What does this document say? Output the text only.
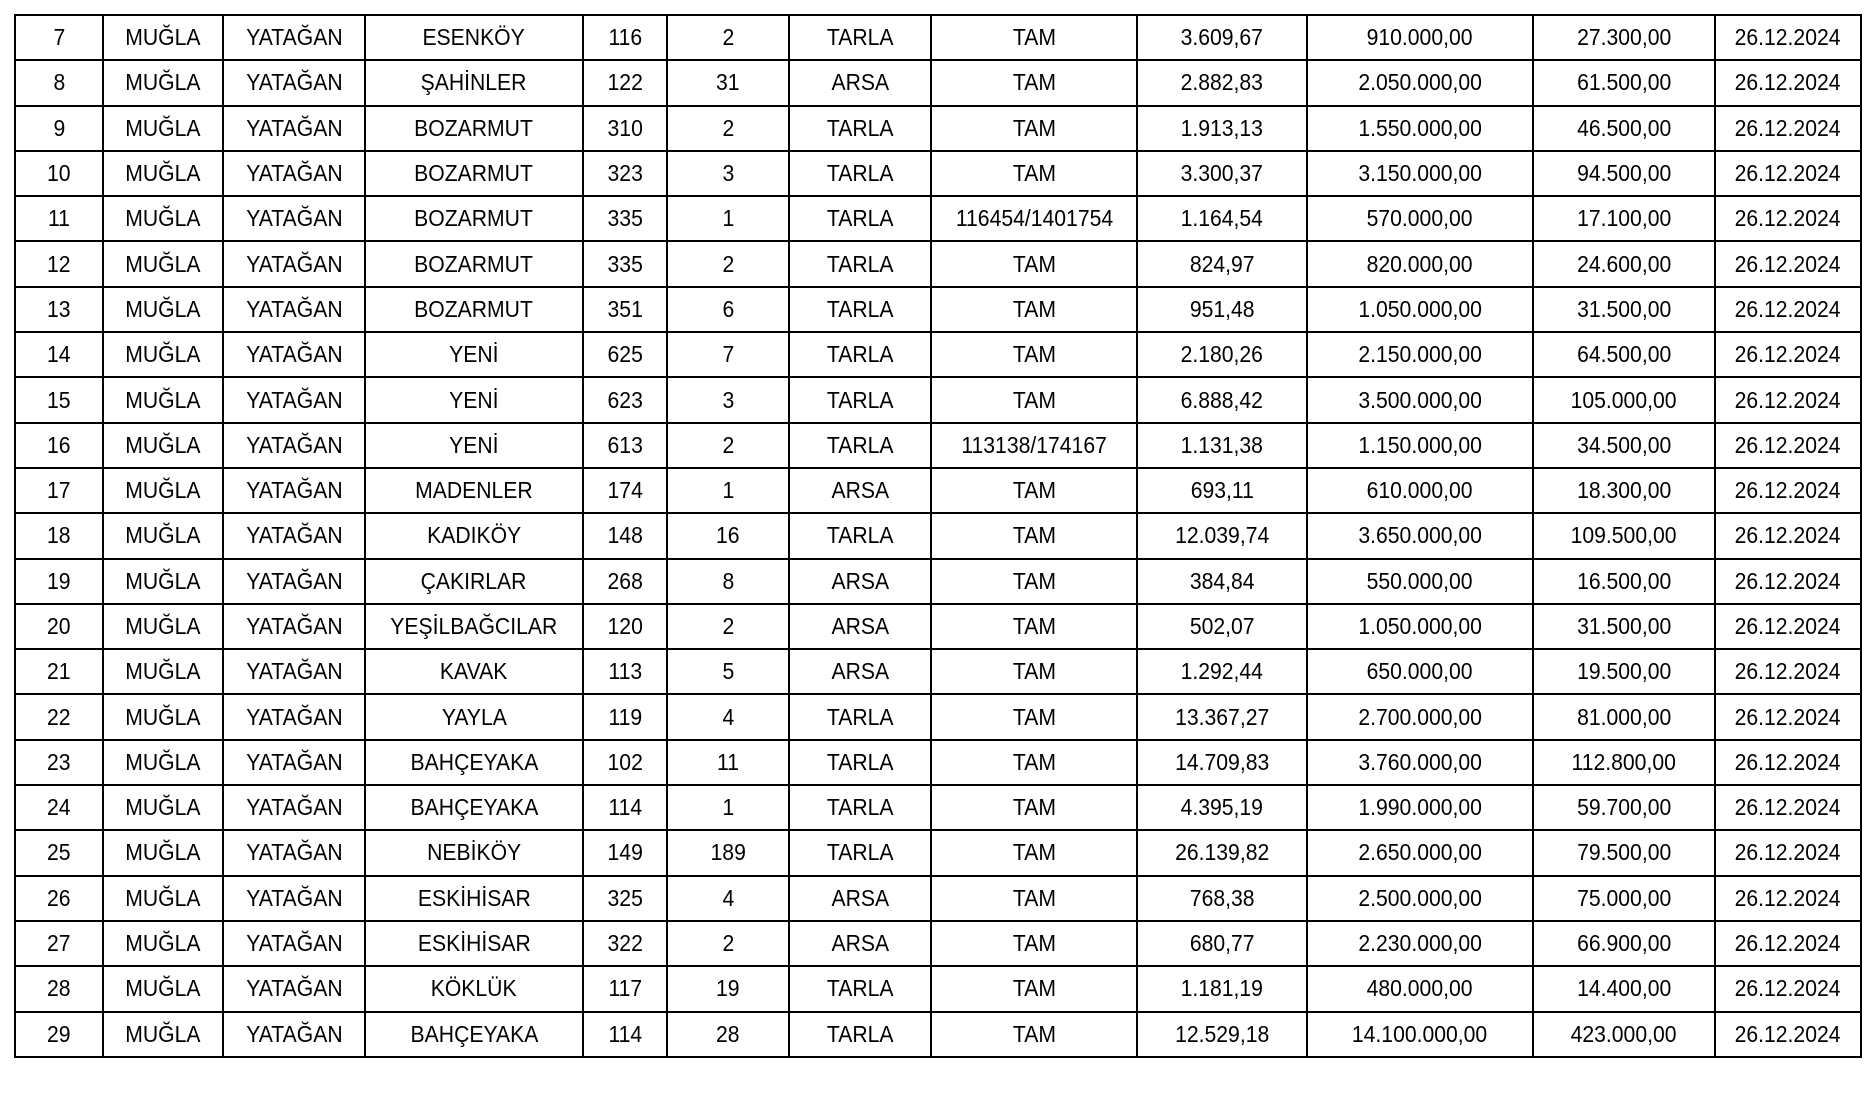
7	MUĞLA	YATAĞAN	ESENKÖY	116	2	TARLA	TAM	3.609,67	910.000,00	27.300,00	26.12.2024
8	MUĞLA	YATAĞAN	ŞAHİNLER	122	31	ARSA	TAM	2.882,83	2.050.000,00	61.500,00	26.12.2024
9	MUĞLA	YATAĞAN	BOZARMUT	310	2	TARLA	TAM	1.913,13	1.550.000,00	46.500,00	26.12.2024
10	MUĞLA	YATAĞAN	BOZARMUT	323	3	TARLA	TAM	3.300,37	3.150.000,00	94.500,00	26.12.2024
11	MUĞLA	YATAĞAN	BOZARMUT	335	1	TARLA	116454/1401754	1.164,54	570.000,00	17.100,00	26.12.2024
12	MUĞLA	YATAĞAN	BOZARMUT	335	2	TARLA	TAM	824,97	820.000,00	24.600,00	26.12.2024
13	MUĞLA	YATAĞAN	BOZARMUT	351	6	TARLA	TAM	951,48	1.050.000,00	31.500,00	26.12.2024
14	MUĞLA	YATAĞAN	YENİ	625	7	TARLA	TAM	2.180,26	2.150.000,00	64.500,00	26.12.2024
15	MUĞLA	YATAĞAN	YENİ	623	3	TARLA	TAM	6.888,42	3.500.000,00	105.000,00	26.12.2024
16	MUĞLA	YATAĞAN	YENİ	613	2	TARLA	113138/174167	1.131,38	1.150.000,00	34.500,00	26.12.2024
17	MUĞLA	YATAĞAN	MADENLER	174	1	ARSA	TAM	693,11	610.000,00	18.300,00	26.12.2024
18	MUĞLA	YATAĞAN	KADIKÖY	148	16	TARLA	TAM	12.039,74	3.650.000,00	109.500,00	26.12.2024
19	MUĞLA	YATAĞAN	ÇAKIRLAR	268	8	ARSA	TAM	384,84	550.000,00	16.500,00	26.12.2024
20	MUĞLA	YATAĞAN	YEŞİLBAĞCILAR	120	2	ARSA	TAM	502,07	1.050.000,00	31.500,00	26.12.2024
21	MUĞLA	YATAĞAN	KAVAK	113	5	ARSA	TAM	1.292,44	650.000,00	19.500,00	26.12.2024
22	MUĞLA	YATAĞAN	YAYLA	119	4	TARLA	TAM	13.367,27	2.700.000,00	81.000,00	26.12.2024
23	MUĞLA	YATAĞAN	BAHÇEYAKA	102	11	TARLA	TAM	14.709,83	3.760.000,00	112.800,00	26.12.2024
24	MUĞLA	YATAĞAN	BAHÇEYAKA	114	1	TARLA	TAM	4.395,19	1.990.000,00	59.700,00	26.12.2024
25	MUĞLA	YATAĞAN	NEBİKÖY	149	189	TARLA	TAM	26.139,82	2.650.000,00	79.500,00	26.12.2024
26	MUĞLA	YATAĞAN	ESKİHİSAR	325	4	ARSA	TAM	768,38	2.500.000,00	75.000,00	26.12.2024
27	MUĞLA	YATAĞAN	ESKİHİSAR	322	2	ARSA	TAM	680,77	2.230.000,00	66.900,00	26.12.2024
28	MUĞLA	YATAĞAN	KÖKLÜK	117	19	TARLA	TAM	1.181,19	480.000,00	14.400,00	26.12.2024
29	MUĞLA	YATAĞAN	BAHÇEYAKA	114	28	TARLA	TAM	12.529,18	14.100.000,00	423.000,00	26.12.2024
